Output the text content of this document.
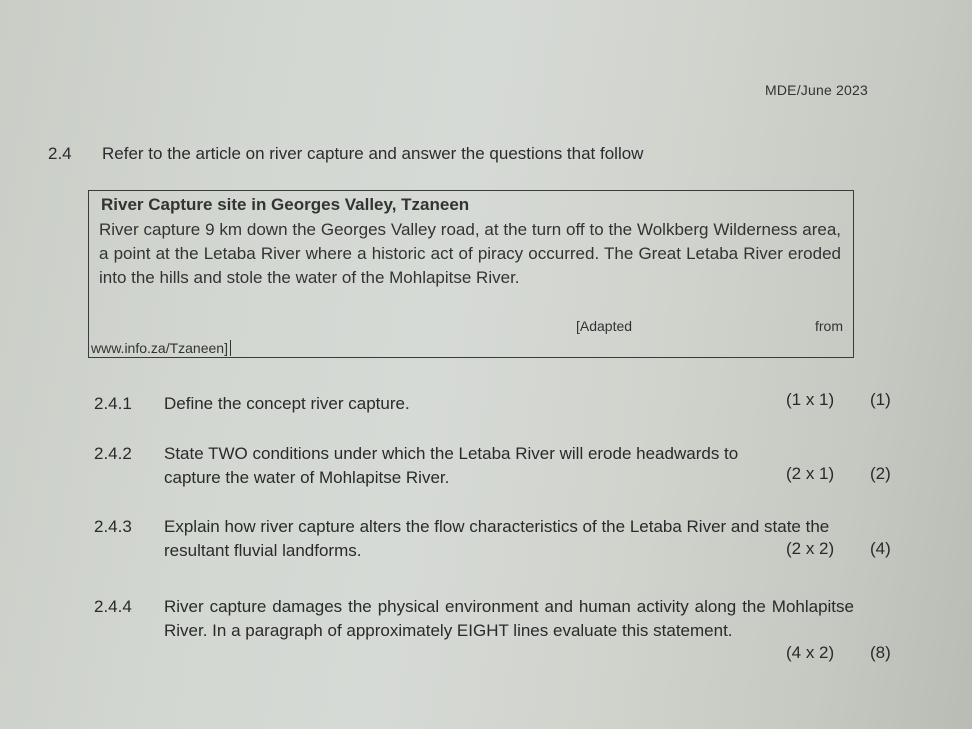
MDE/June 2023
2.4 Refer to the article on river capture and answer the questions that follow
River Capture site in Georges Valley, Tzaneen
River capture 9 km down the Georges Valley road, at the turn off to the Wolkberg Wilderness area, a point at the Letaba River where a historic act of piracy occurred. The Great Letaba River eroded into the hills and stole the water of the Mohlapitse River.
[Adapted	from
www.info.za/Tzaneen]
2.4.1 Define the concept river capture.	(1 x 1) (1)
2.4.2 State TWO conditions under which the Letaba River will erode headwards to capture the water of Mohlapitse River.	(2 x 1) (2)
2.4.3 Explain how river capture alters the flow characteristics of the Letaba River and state the resultant fluvial landforms.	(2 x 2) (4)
2.4.4 River capture damages the physical environment and human activity along the Mohlapitse River. In a paragraph of approximately EIGHT lines evaluate this statement.
(4 x 2) (8)
